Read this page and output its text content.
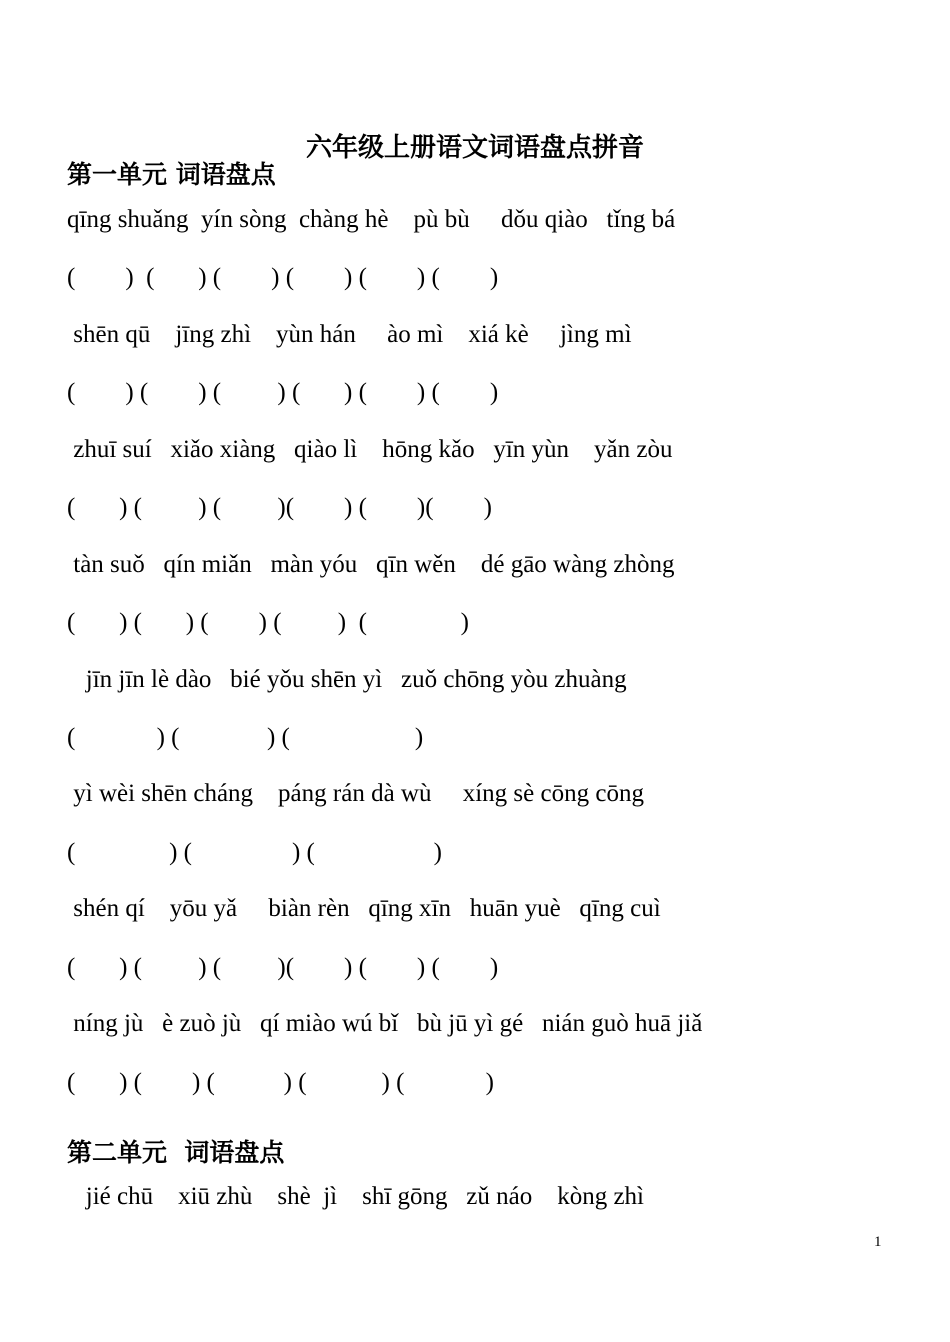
六年级上册语文词语盘点拼音
第一单元 词语盘点
qīng shuǎng  yín sòng  chàng hè    pù bù     dǒu qiào   tǐng bá
(        )  (       ) (        ) (        ) (        ) (        )
shēn qū    jīng zhì    yùn hán     ào mì    xiá kè     jìng mì
(        ) (        ) (         ) (       ) (        ) (        )
zhuī suí   xiǎo xiàng   qiào lì    hōng kǎo   yīn yùn    yǎn zòu
(       ) (         ) (         )(        ) (        )(        )
tàn suǒ   qín miǎn   màn yóu   qīn wěn    dé gāo wàng zhòng
(       ) (       ) (        ) (         )  (               )
jīn jīn lè dào   bié yǒu shēn yì   zuǒ chōng yòu zhuàng
(             ) (              ) (                    )
yì wèi shēn cháng    páng rán dà wù     xíng sè cōng cōng
(               ) (                ) (                   )
shén qí    yōu yǎ     biàn rèn   qīng xīn   huān yuè   qīng cuì
(       ) (         ) (         )(        ) (        ) (        )
níng jù   è zuò jù   qí miào wú bǐ   bù jū yì gé   nián guò huā jiǎ
(       ) (        ) (           ) (            ) (             )
第二单元  词语盘点
jié chū    xiū zhù    shè  jì    shī gōng   zǔ náo    kòng zhì
1
